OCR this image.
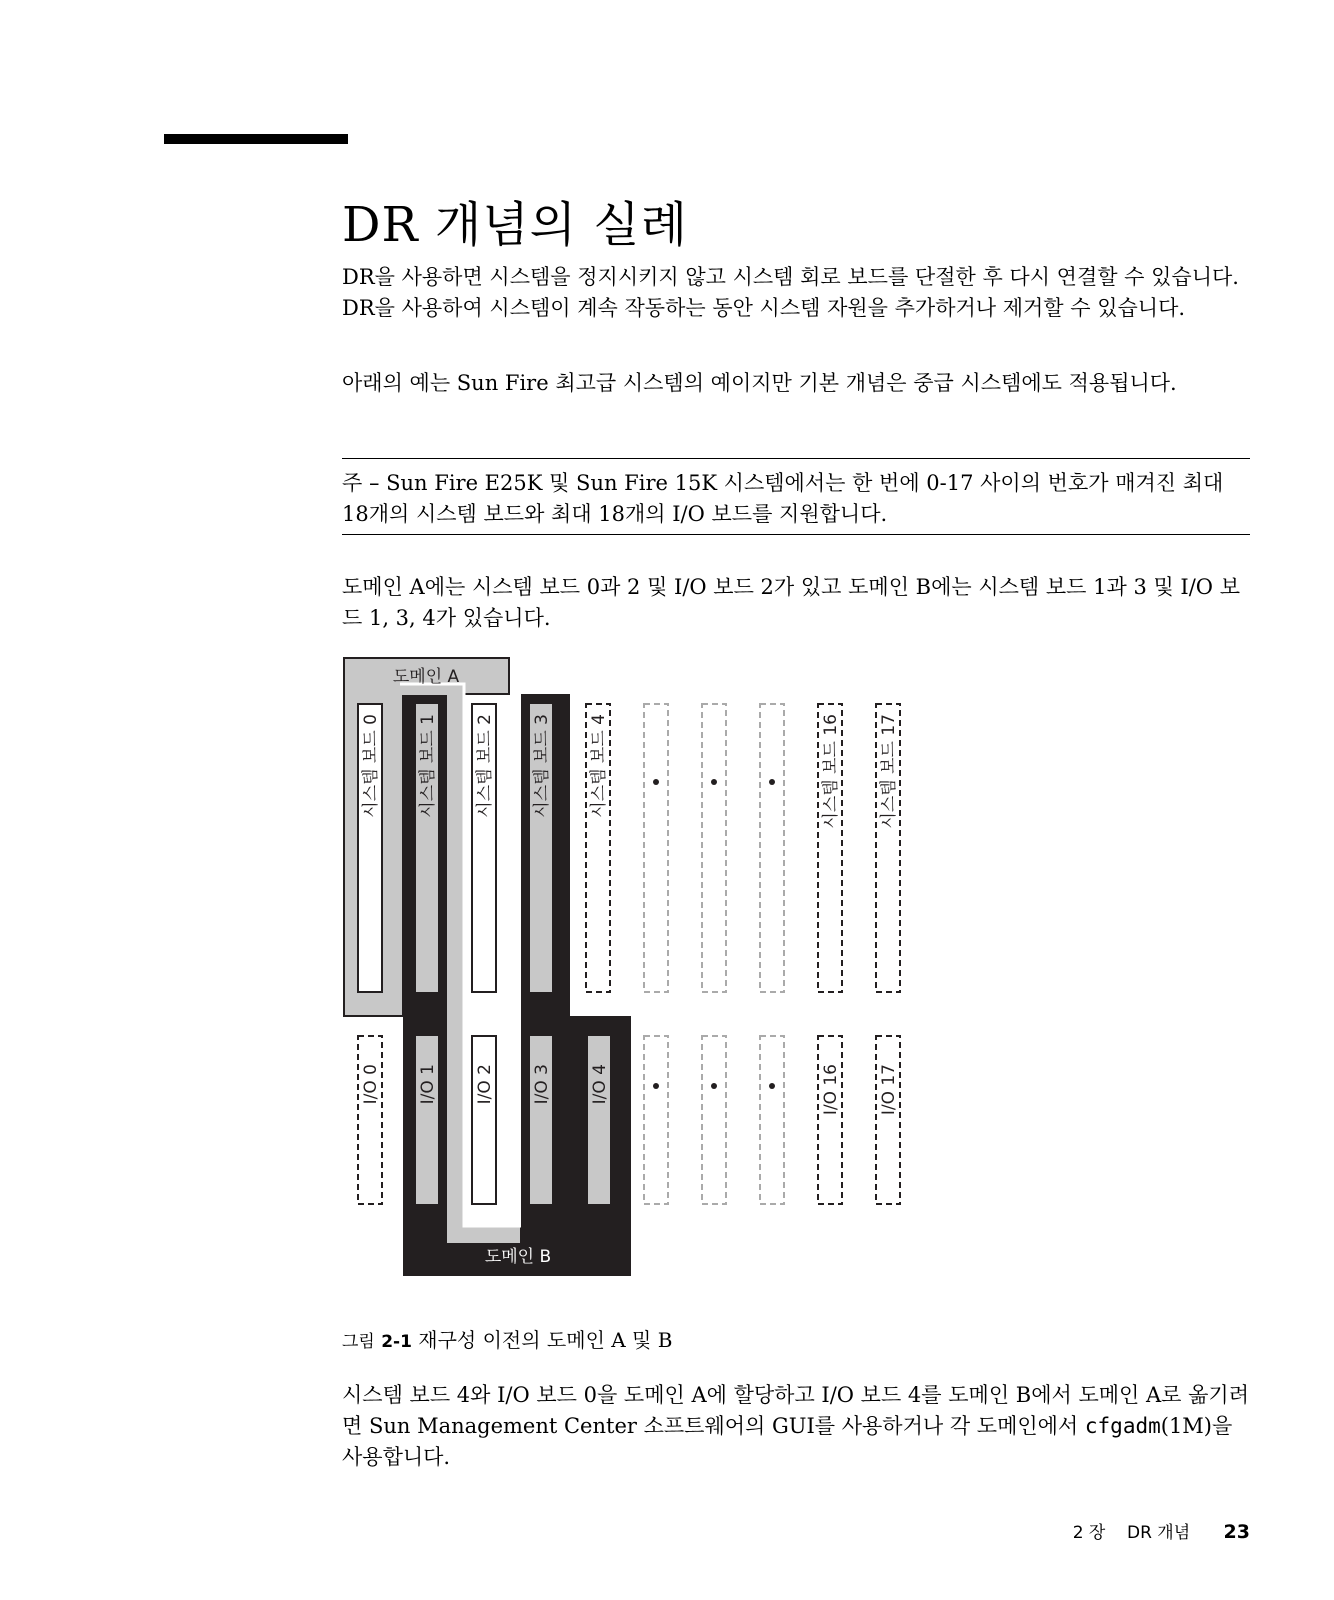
DR 개념의 실례

DR을 사용하면 시스템을 정지시키지 않고 시스템 회로 보드를 단절한 후 다시 연결할 수 있습니다. DR을 사용하여 시스템이 계속 작동하는 동안 시스템 자원을 추가하거나 제거할 수 있습니다.

아래의 예는 Sun Fire 최고급 시스템의 예이지만 기본 개념은 중급 시스템에도 적용됩니다.

주 – Sun Fire E25K 및 Sun Fire 15K 시스템에서는 한 번에 0-17 사이의 번호가 매겨진 최대 18개의 시스템 보드와 최대 18개의 I/O 보드를 지원합니다.

도메인 A에는 시스템 보드 0과 2 및 I/O 보드 2가 있고 도메인 B에는 시스템 보드 1과 3 및 I/O 보드 1, 3, 4가 있습니다.

도메인 A
도메인 B
시스템 보드 0 시스템 보드 1 시스템 보드 2 시스템 보드 3 시스템 보드 4	시스템 보드 16 시스템 보드 17
I/O 0 I/O 1 I/O 2 I/O 3 I/O 4	I/O 16 I/O 17

그림 2-1 재구성 이전의 도메인 A 및 B

시스템 보드 4와 I/O 보드 0을 도메인 A에 할당하고 I/O 보드 4를 도메인 B에서 도메인 A로 옮기려면 Sun Management Center 소프트웨어의 GUI를 사용하거나 각 도메인에서 cfgadm(1M)을 사용합니다.

2 장 DR 개념 23
